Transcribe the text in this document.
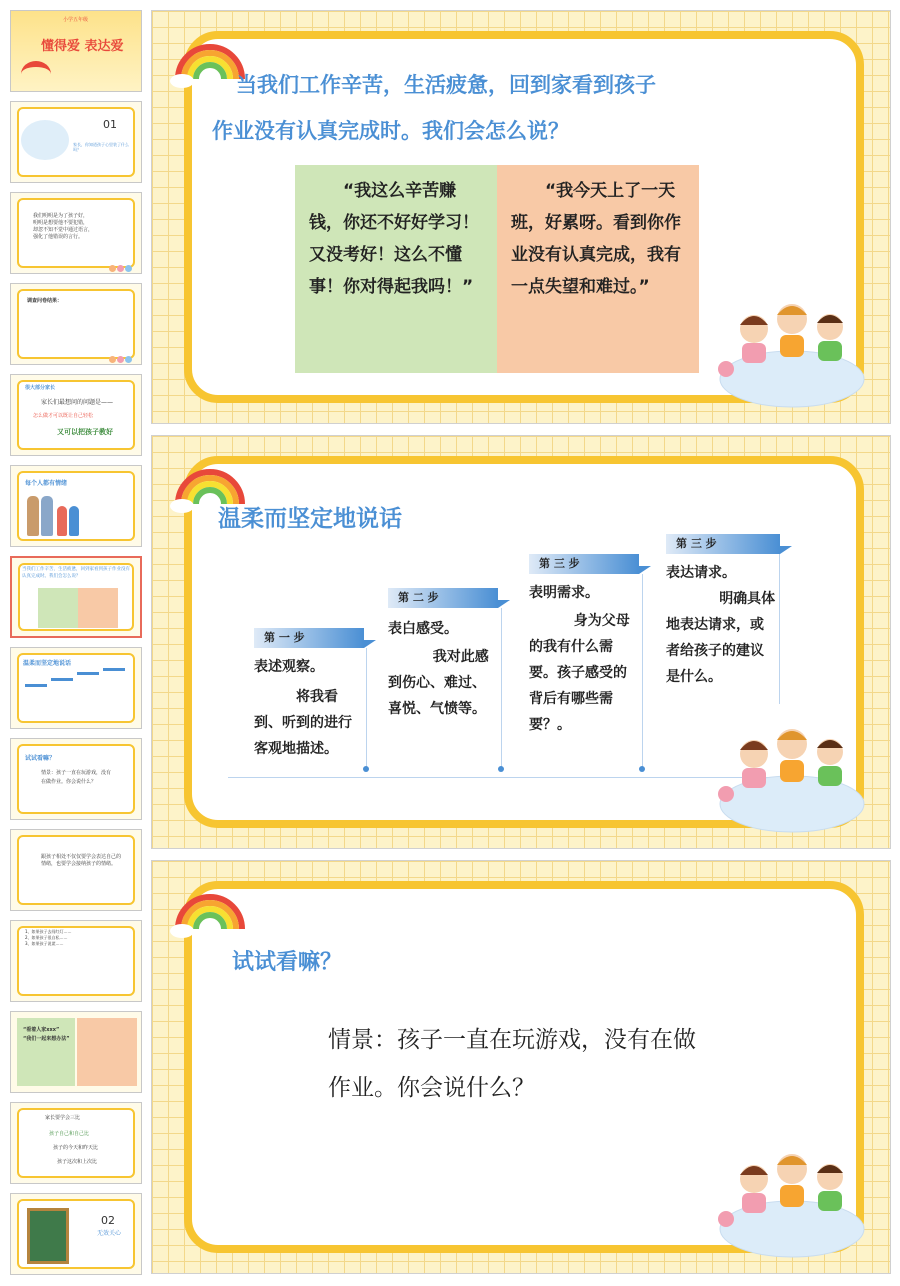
小学五年级
懂得爱 表达爱
01
家长，你知道孩子心里装了什么吗？
我们明明是为了孩子好，
明明是想要他不要犯错，
却忽不知不觉中通过语言，
强化了他错误的言行。
调查问卷结果：
很大部分家长
家长们最想问的问题是——
怎么做才可以既让自己轻松
又可以把孩子教好
每个人都有情绪
当我们工作辛苦，生活疲惫，回到家看到孩子作业没有认真完成时。我们会怎么说？
温柔而坚定地说话
试试看嘛？
情景：孩子一直在玩游戏，没有在做作业。你会说什么？
跟孩子相处不仅仅要学会表达自己的情绪，也要学会接纳孩子的情绪。
1、如果孩子去闯红灯……
2、如果孩子很自私……
3、如果孩子说谎……
“看着人家xxx”
“我们一起来想办法”
家长要学会三比
孩子自己和自己比
孩子的今天和昨天比
孩子这次和上次比
02
无效关心
当我们工作辛苦，生活疲惫，回到家看到孩子
作业没有认真完成时。我们会怎么说？
“我这么辛苦赚钱，你还不好好学习！又没考好！这么不懂事！你对得起我吗！”
“我今天上了一天班，好累呀。看到你作业没有认真完成，我有一点失望和难过。”
温柔而坚定地说话
第 一 步
表述观察。
将我看到、听到的进行客观地描述。
第 二 步
表白感受。
我对此感到伤心、难过、喜悦、气愤等。
第 三 步
表明需求。
身为父母的我有什么需要。孩子感受的背后有哪些需要？。
第 三 步
表达请求。
明确具体地表达请求，或者给孩子的建议是什么。
试试看嘛？
情景：孩子一直在玩游戏，没有在做
作业。你会说什么？
